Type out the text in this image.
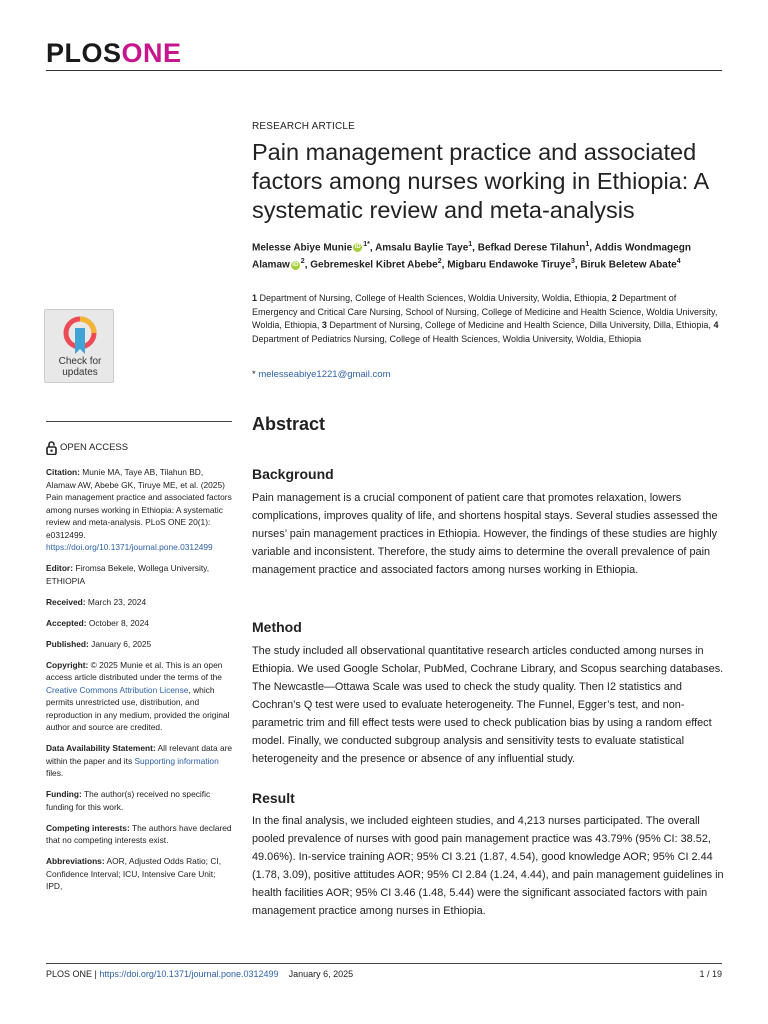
PLOSONE
RESEARCH ARTICLE
Pain management practice and associated factors among nurses working in Ethiopia: A systematic review and meta-analysis
Melesse Abiye Munie iD $^{1*}$, Amsalu Baylie Taye$^1$, Befkad Derese Tilahun$^1$, Addis Wondmagegn Alamaw iD $^2$, Gebremeskel Kibret Abebe$^2$, Migbaru Endawoke Tiruye$^3$, Biruk Beletew Abate$^4$
1 Department of Nursing, College of Health Sciences, Woldia University, Woldia, Ethiopia, 2 Department of Emergency and Critical Care Nursing, School of Nursing, College of Medicine and Health Science, Woldia University, Woldia, Ethiopia, 3 Department of Nursing, College of Medicine and Health Science, Dilla University, Dilla, Ethiopia, 4 Department of Pediatrics Nursing, College of Health Sciences, Woldia University, Woldia, Ethiopia
* melesseabiye1221@gmail.com
Check for
updates
OPEN ACCESS

Citation: Munie MA, Taye AB, Tilahun BD, Alamaw AW, Abebe GK, Tiruye ME, et al. (2025) Pain management practice and associated factors among nurses working in Ethiopia: A systematic review and meta-analysis. PLoS ONE 20(1): e0312499. https://doi.org/10.1371/journal.pone.0312499

Editor: Firomsa Bekele, Wollega University, ETHIOPIA

Received: March 23, 2024

Accepted: October 8, 2024

Published: January 6, 2025

Copyright: © 2025 Munie et al. This is an open access article distributed under the terms of the Creative Commons Attribution License, which permits unrestricted use, distribution, and reproduction in any medium, provided the original author and source are credited.

Data Availability Statement: All relevant data are within the paper and its Supporting information files.

Funding: The author(s) received no specific funding for this work.

Competing interests: The authors have declared that no competing interests exist.

Abbreviations: AOR, Adjusted Odds Ratio; CI, Confidence Interval; ICU, Intensive Care Unit; IPD,

Abstract
Background

Pain management is a crucial component of patient care that promotes relaxation, lowers complications, improves quality of life, and shortens hospital stays. Several studies assessed the nurses’ pain management practices in Ethiopia. However, the findings of these studies are highly variable and inconsistent. Therefore, the study aims to determine the overall prevalence of pain management practice and associated factors among nurses working in Ethiopia.

Method

The study included all observational quantitative research articles conducted among nurses in Ethiopia. We used Google Scholar, PubMed, Cochrane Library, and Scopus searching databases. The Newcastle—Ottawa Scale was used to check the study quality. Then I2 statistics and Cochran’s Q test were used to evaluate heterogeneity. The Funnel, Egger’s test, and non-parametric trim and fill effect tests were used to check publication bias by using a random effect model. Finally, we conducted subgroup analysis and sensitivity tests to evaluate statistical heterogeneity and the presence or absence of any influential study.

Result

In the final analysis, we included eighteen studies, and 4,213 nurses participated. The overall pooled prevalence of nurses with good pain management practice was 43.79% (95% CI: 38.52, 49.06%). In-service training AOR; 95% CI 3.21 (1.87, 4.54), good knowledge AOR; 95% CI 2.44 (1.78, 3.09), positive attitudes AOR; 95% CI 2.84 (1.24, 4.44), and pain management guidelines in health facilities AOR; 95% CI 3.46 (1.48, 5.44) were the significant associated factors with pain management practice among nurses in Ethiopia.

PLOS ONE | https://doi.org/10.1371/journal.pone.0312499 January 6, 2025	1 / 19
